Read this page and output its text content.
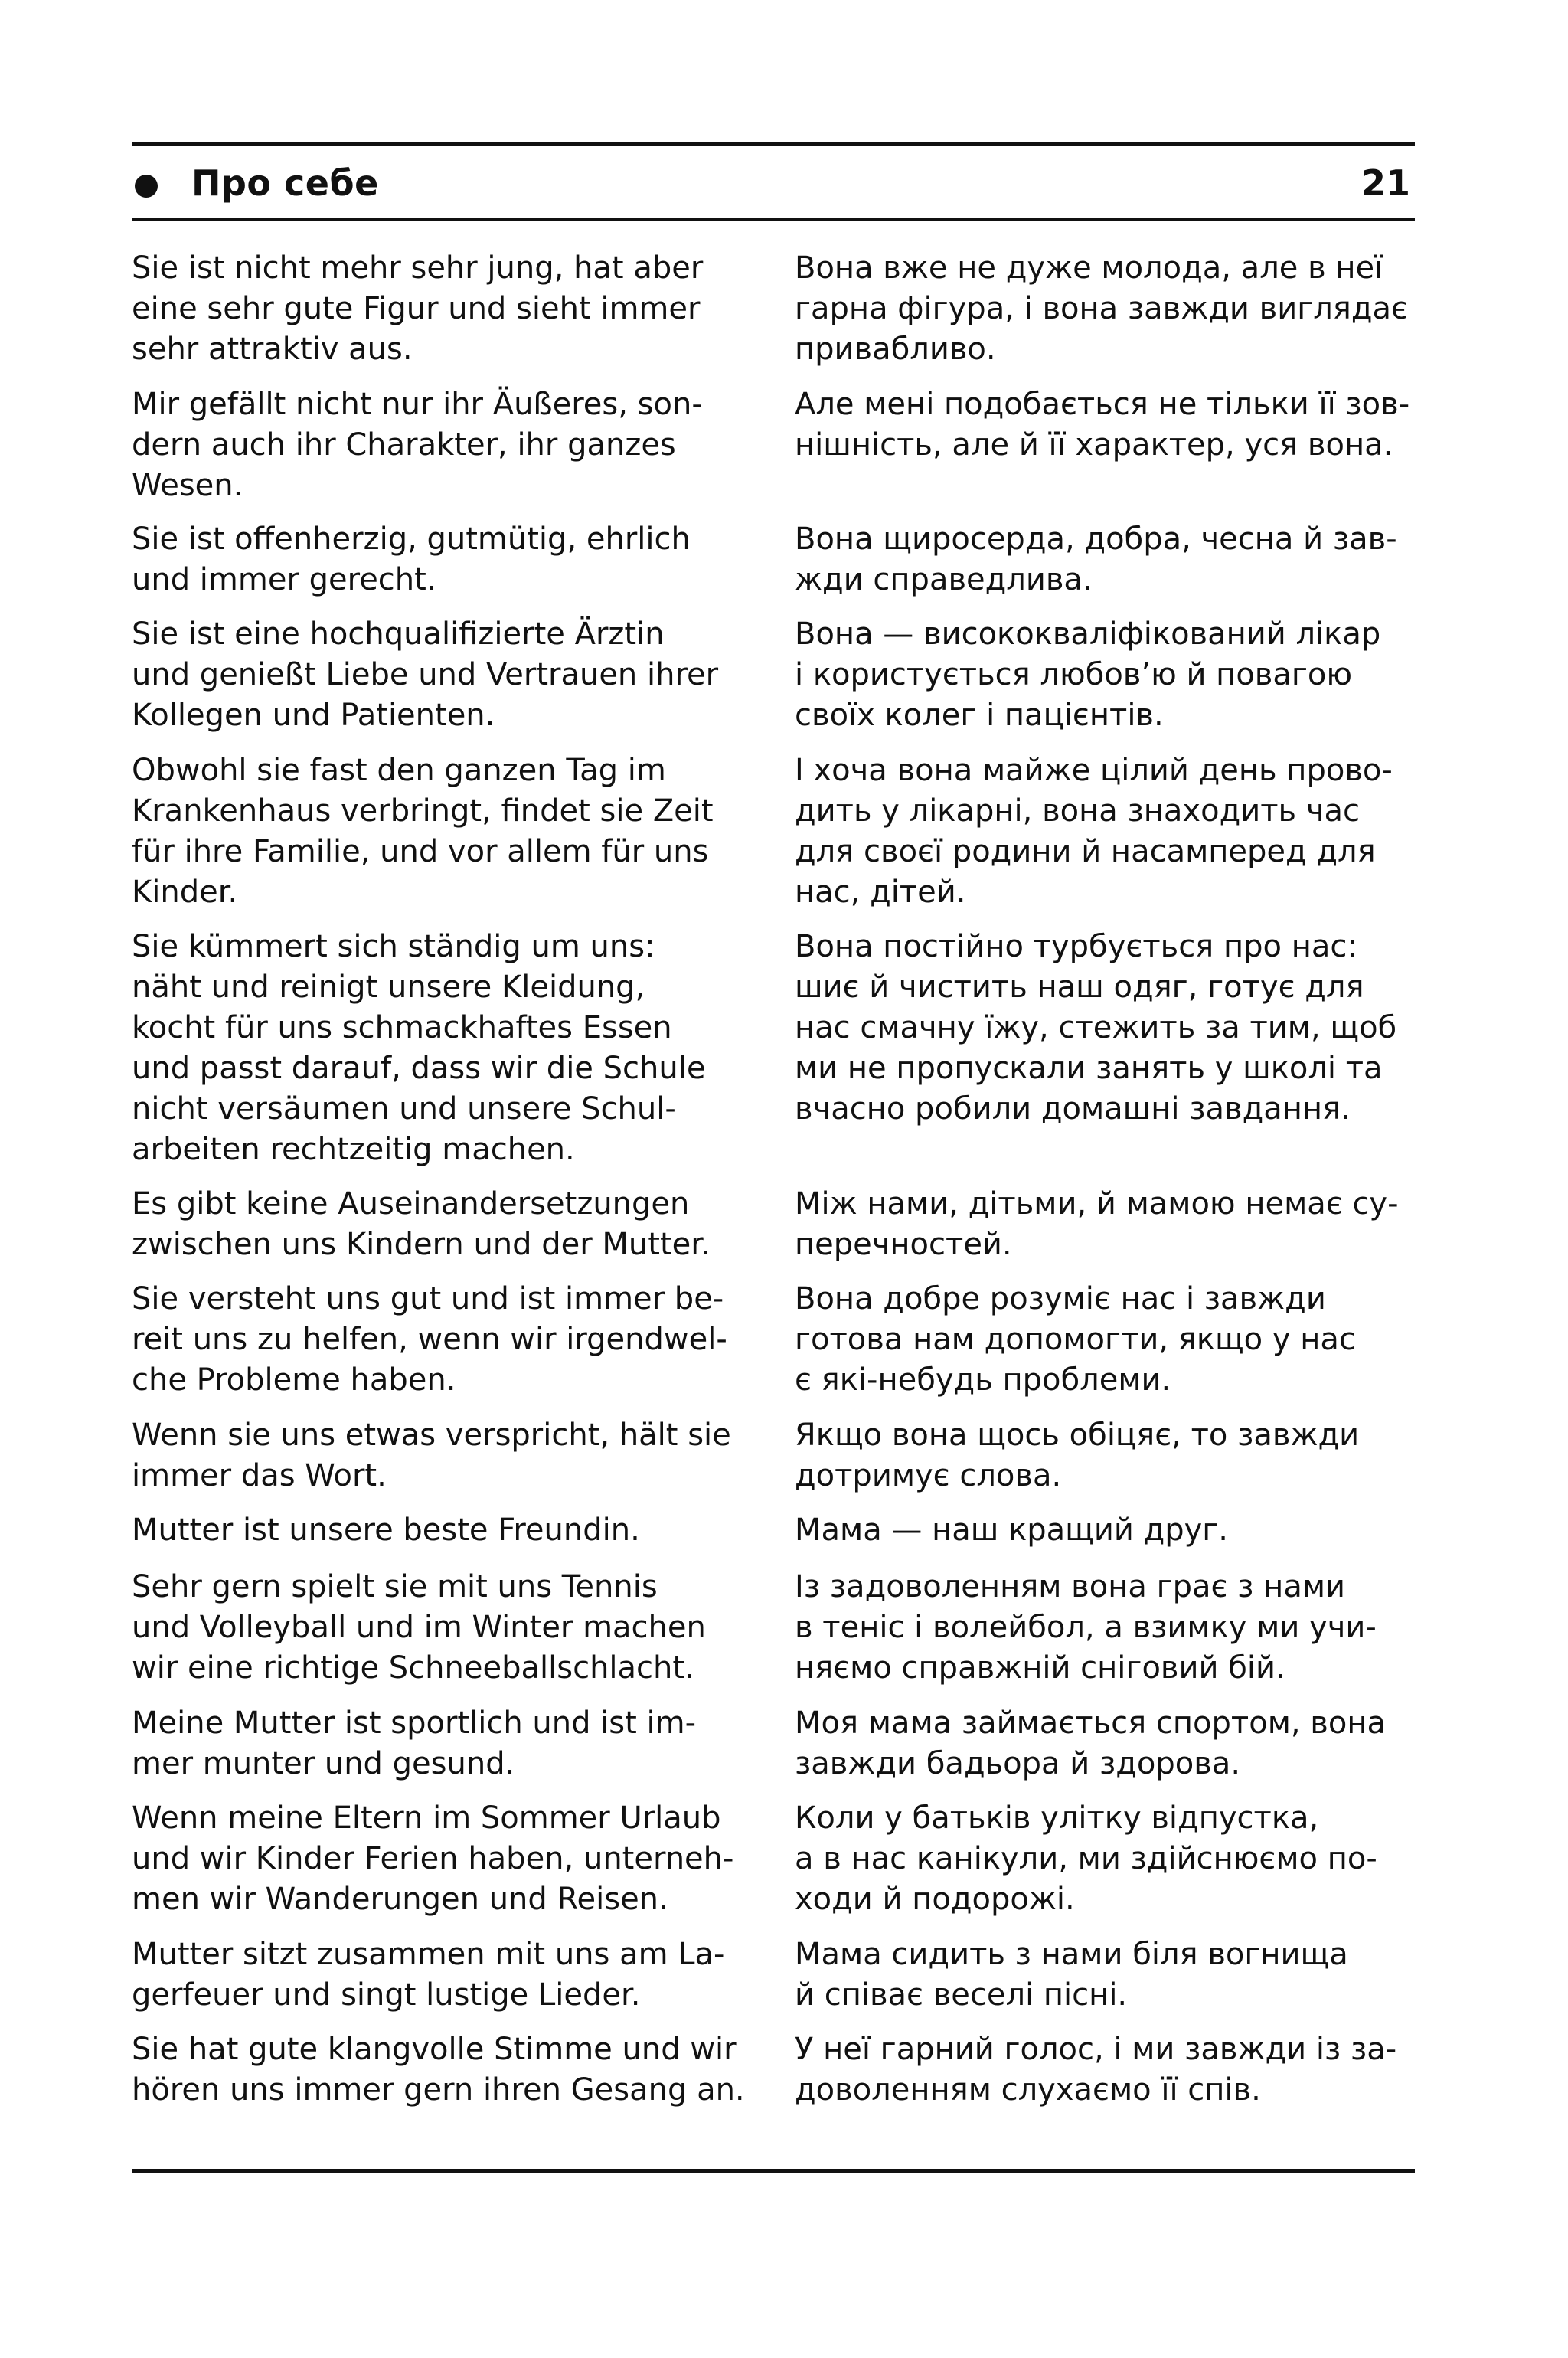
Про себе	21

Sie ist nicht mehr sehr jung, hat aber
eine sehr gute Figur und sieht immer
sehr attraktiv aus.

Вона вже не дуже молода, але в неї
гарна фігура, і вона завжди виглядає
привабливо.

Mir gefällt nicht nur ihr Äußeres, son-
dern auch ihr Charakter, ihr ganzes
Wesen.

Але мені подобається не тільки її зов-
нішність, але й її характер, уся вона.

Sie ist offenherzig, gutmütig, ehrlich
und immer gerecht.

Вона щиросерда, добра, чесна й зав-
жди справедлива.

Sie ist eine hochqualifizierte Ärztin
und genießt Liebe und Vertrauen ihrer
Kollegen und Patienten.

Вона — висококваліфікований лікар
і користується любов’ю й повагою
своїх колег і пацієнтів.

Obwohl sie fast den ganzen Tag im
Krankenhaus verbringt, findet sie Zeit
für ihre Familie, und vor allem für uns
Kinder.

І хоча вона майже цілий день прово-
дить у лікарні, вона знаходить час
для своєї родини й насамперед для
нас, дітей.

Sie kümmert sich ständig um uns:
näht und reinigt unsere Kleidung,
kocht für uns schmackhaftes Essen
und passt darauf, dass wir die Schule
nicht versäumen und unsere Schul-
arbeiten rechtzeitig machen.

Вона постійно турбується про нас:
шиє й чистить наш одяг, готує для
нас смачну їжу, стежить за тим, щоб
ми не пропускали занять у школі та
вчасно робили домашні завдання.

Es gibt keine Auseinandersetzungen
zwischen uns Kindern und der Mutter.

Між нами, дітьми, й мамою немає су-
перечностей.

Sie versteht uns gut und ist immer be-
reit uns zu helfen, wenn wir irgendwel-
che Probleme haben.

Вона добре розуміє нас і завжди
готова нам допомогти, якщо у нас
є які-небудь проблеми.

Wenn sie uns etwas verspricht, hält sie
immer das Wort.

Якщо вона щось обіцяє, то завжди
дотримує слова.

Mutter ist unsere beste Freundin.	Мама — наш кращий друг.

Sehr gern spielt sie mit uns Tennis
und Volleyball und im Winter machen
wir eine richtige Schneeballschlacht.

Із задоволенням вона грає з нами
в теніс і волейбол, а взимку ми учи-
няємо справжній сніговий бій.

Meine Mutter ist sportlich und ist im-
mer munter und gesund.

Моя мама займається спортом, вона
завжди бадьора й здорова.

Wenn meine Eltern im Sommer Urlaub
und wir Kinder Ferien haben, unterneh-
men wir Wanderungen und Reisen.

Коли у батьків улітку відпустка,
а в нас канікули, ми здійснюємо по-
ходи й подорожі.

Mutter sitzt zusammen mit uns am La-
gerfeuer und singt lustige Lieder.

Мама сидить з нами біля вогнища
й співає веселі пісні.

Sie hat gute klangvolle Stimme und wir
hören uns immer gern ihren Gesang an.

У неї гарний голос, і ми завжди із за-
доволенням слухаємо її спів.
